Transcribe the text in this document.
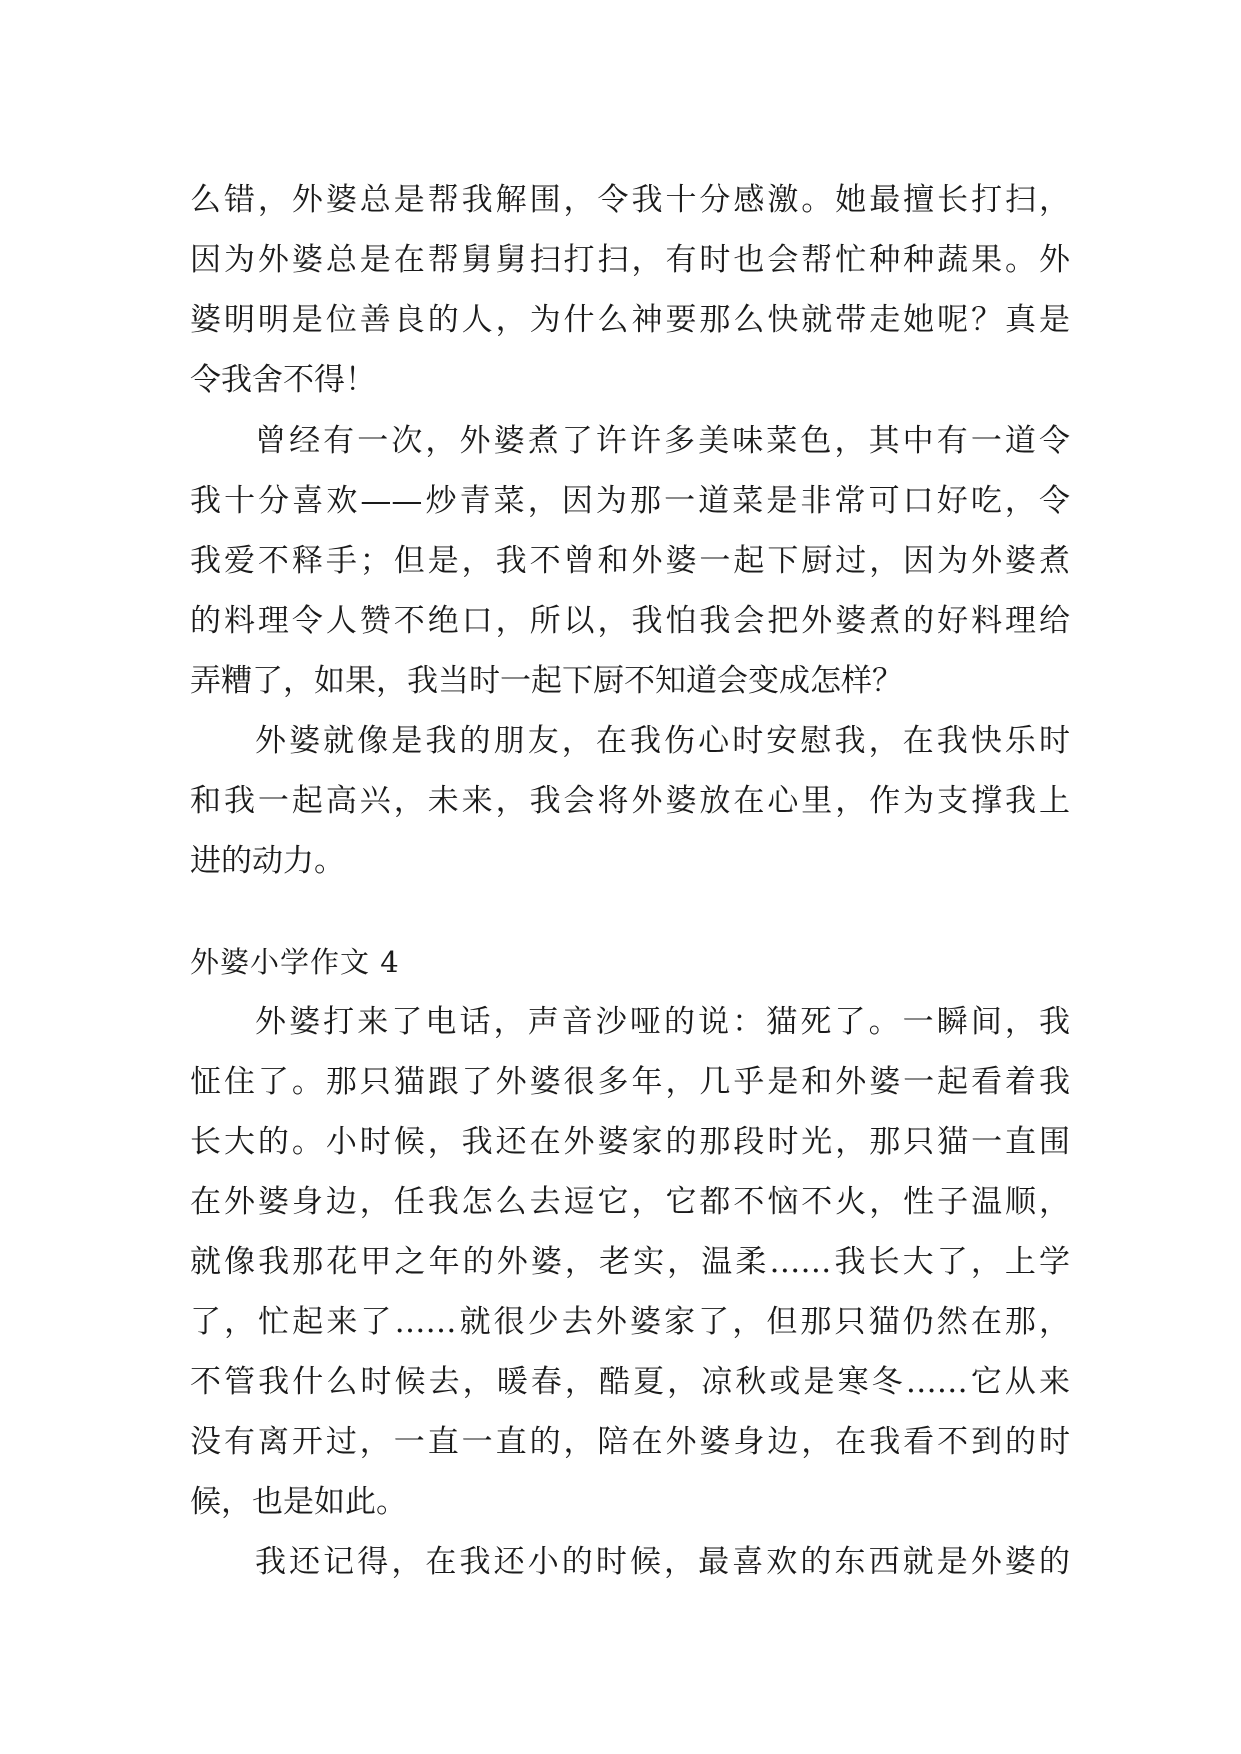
么错，外婆总是帮我解围，令我十分感激。她最擅长打扫，
因为外婆总是在帮舅舅扫打扫，有时也会帮忙种种蔬果。外
婆明明是位善良的人，为什么神要那么快就带走她呢？真是
令我舍不得！
曾经有一次，外婆煮了许许多美味菜色，其中有一道令
我十分喜欢——炒青菜，因为那一道菜是非常可口好吃，令
我爱不释手；但是，我不曾和外婆一起下厨过，因为外婆煮
的料理令人赞不绝口，所以，我怕我会把外婆煮的好料理给
弄糟了，如果，我当时一起下厨不知道会变成怎样？
外婆就像是我的朋友，在我伤心时安慰我，在我快乐时
和我一起高兴，未来，我会将外婆放在心里，作为支撑我上
进的动力。
外婆小学作文 4
外婆打来了电话，声音沙哑的说：猫死了。一瞬间，我
怔住了。那只猫跟了外婆很多年，几乎是和外婆一起看着我
长大的。小时候，我还在外婆家的那段时光，那只猫一直围
在外婆身边，任我怎么去逗它，它都不恼不火，性子温顺，
就像我那花甲之年的外婆，老实，温柔……我长大了，上学
了，忙起来了……就很少去外婆家了，但那只猫仍然在那，
不管我什么时候去，暖春，酷夏，凉秋或是寒冬……它从来
没有离开过，一直一直的，陪在外婆身边，在我看不到的时
候，也是如此。
我还记得，在我还小的时候，最喜欢的东西就是外婆的
